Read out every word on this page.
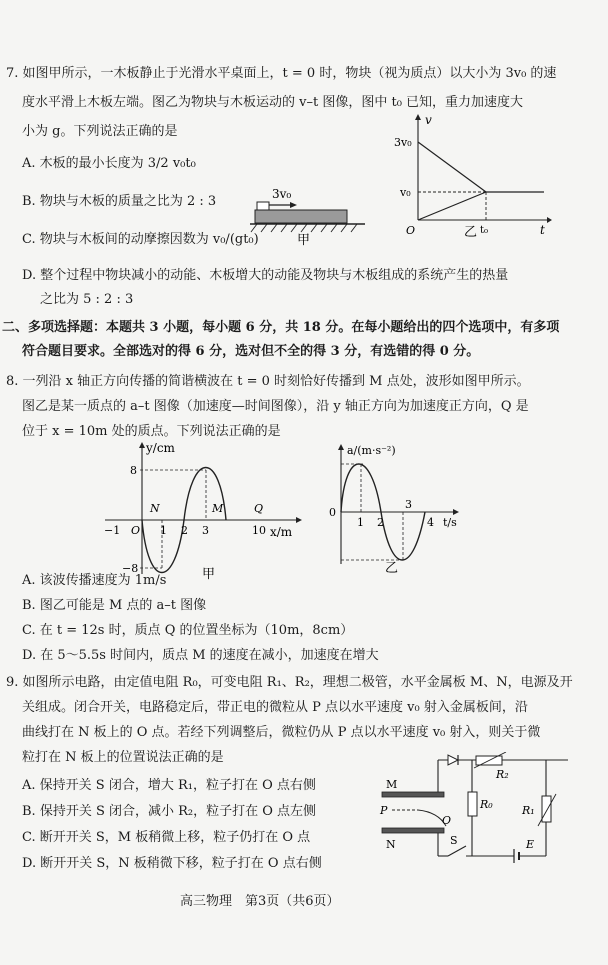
7. 如图甲所示，一木板静止于光滑水平桌面上，t = 0 时，物块（视为质点）以大小为 3v₀ 的速
度水平滑上木板左端。图乙为物块与木板运动的 v–t 图像，图中 t₀ 已知，重力加速度大
小为 g。下列说法正确的是
A. 木板的最小长度为 3/2 v₀t₀
B. 物块与木板的质量之比为 2 : 3
C. 物块与木板间的动摩擦因数为 v₀/(gt₀)
D. 整个过程中物块减小的动能、木板增大的动能及物块与木板组成的系统产生的热量
之比为 5 : 2 : 3
3v₀
甲
v
t
3v₀
v₀
O	t₀
乙
二、多项选择题：本题共 3 小题，每小题 6 分，共 18 分。在每小题给出的四个选项中，有多项
符合题目要求。全部选对的得 6 分，选对但不全的得 3 分，有选错的得 0 分。
8. 一列沿 x 轴正方向传播的简谐横波在 t = 0 时刻恰好传播到 M 点处，波形如图甲所示。
图乙是某一质点的 a–t 图像（加速度—时间图像），沿 y 轴正方向为加速度正方向，Q 是
位于 x = 10m 处的质点。下列说法正确的是
y/cm
x/m
8
−8
−1 O 1 2 3	10
N	M	Q
甲
a/(m·s⁻²)
t/s
0
1 2
3
4
乙
A. 该波传播速度为 1m/s
B. 图乙可能是 M 点的 a–t 图像
C. 在 t = 12s 时，质点 Q 的位置坐标为（10m，8cm）
D. 在 5～5.5s 时间内，质点 M 的速度在减小，加速度在增大
9. 如图所示电路，由定值电阻 R₀，可变电阻 R₁、R₂，理想二极管，水平金属板 M、N，电源及开
关组成。闭合开关，电路稳定后，带正电的微粒从 P 点以水平速度 v₀ 射入金属板间，沿
曲线打在 N 板上的 O 点。若经下列调整后，微粒仍从 P 点以水平速度 v₀ 射入，则关于微
粒打在 N 板上的位置说法正确的是
A. 保持开关 S 闭合，增大 R₁，粒子打在 O 点右侧
B. 保持开关 S 闭合，减小 R₂，粒子打在 O 点左侧
C. 断开开关 S，M 板稍微上移，粒子仍打在 O 点
D. 断开开关 S，N 板稍微下移，粒子打在 O 点右侧
R₂
M
P
O
N
R₀	R₁
S	E
高三物理　第3页（共6页）
